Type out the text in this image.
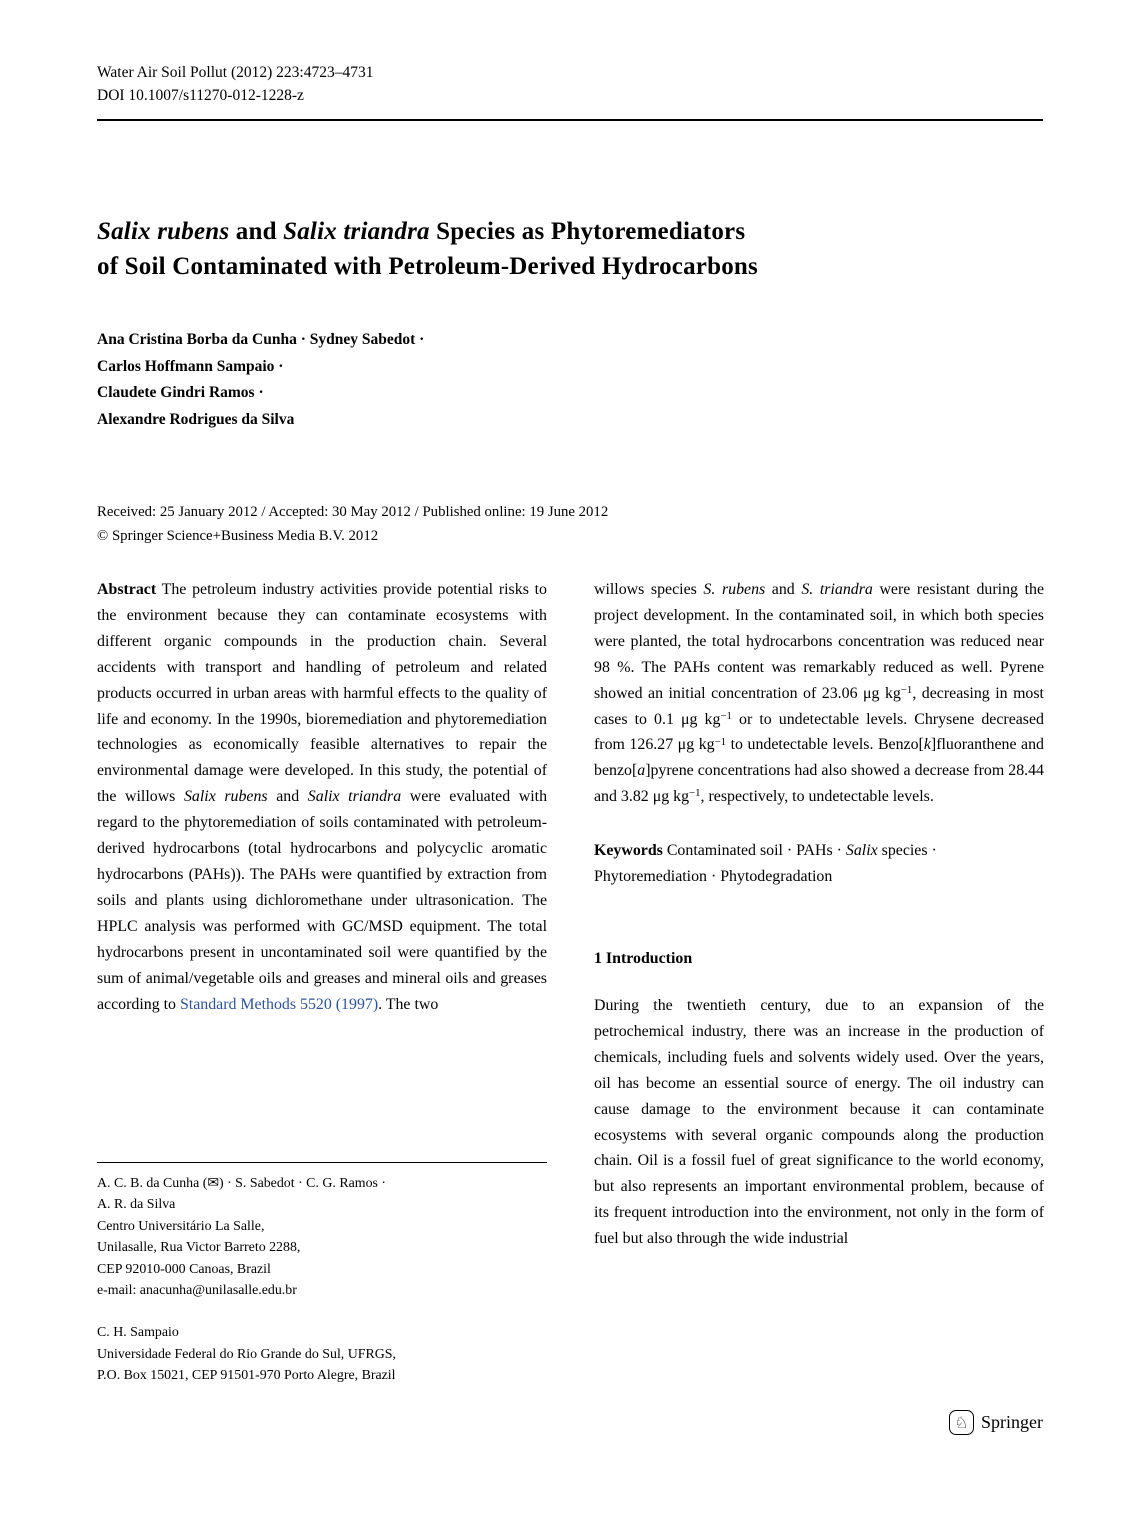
Water Air Soil Pollut (2012) 223:4723–4731
DOI 10.1007/s11270-012-1228-z
Salix rubens and Salix triandra Species as Phytoremediators
of Soil Contaminated with Petroleum-Derived Hydrocarbons
Ana Cristina Borba da Cunha · Sydney Sabedot ·
Carlos Hoffmann Sampaio ·
Claudete Gindri Ramos ·
Alexandre Rodrigues da Silva
Received: 25 January 2012 / Accepted: 30 May 2012 / Published online: 19 June 2012
© Springer Science+Business Media B.V. 2012

Abstract The petroleum industry activities provide potential risks to the environment because they can contaminate ecosystems with different organic compounds in the production chain. Several accidents with transport and handling of petroleum and related products occurred in urban areas with harmful effects to the quality of life and economy. In the 1990s, bioremediation and phytoremediation technologies as economically feasible alternatives to repair the environmental damage were developed. In this study, the potential of the willows Salix rubens and Salix triandra were evaluated with regard to the phytoremediation of soils contaminated with petroleum-derived hydrocarbons (total hydrocarbons and polycyclic aromatic hydrocarbons (PAHs)). The PAHs were quantified by extraction from soils and plants using dichloromethane under ultrasonication. The HPLC analysis was performed with GC/MSD equipment. The total hydrocarbons present in uncontaminated soil were quantified by the sum of animal/vegetable oils and greases and mineral oils and greases according to Standard Methods 5520 (1997). The two

willows species S. rubens and S. triandra were resistant during the project development. In the contaminated soil, in which both species were planted, the total hydrocarbons concentration was reduced near 98 %. The PAHs content was remarkably reduced as well. Pyrene showed an initial concentration of 23.06 μg $kg^{-1}$, decreasing in most cases to 0.1 μg $kg^{-1}$ or to undetectable levels. Chrysene decreased from 126.27 μg $kg^{-1}$ to undetectable levels. Benzo[k]fluoranthene and benzo[a]pyrene concentrations had also showed a decrease from 28.44 and 3.82 μg $kg^{-1}$, respectively, to undetectable levels.

Keywords Contaminated soil · PAHs · Salix species · Phytoremediation · Phytodegradation

1 Introduction

During the twentieth century, due to an expansion of the petrochemical industry, there was an increase in the production of chemicals, including fuels and solvents widely used. Over the years, oil has become an essential source of energy. The oil industry can cause damage to the environment because it can contaminate ecosystems with several organic compounds along the production chain. Oil is a fossil fuel of great significance to the world economy, but also represents an important environmental problem, because of its frequent introduction into the environment, not only in the form of fuel but also through the wide industrial

A. C. B. da Cunha (✉) · S. Sabedot · C. G. Ramos ·
A. R. da Silva
Centro Universitário La Salle,
Unilasalle, Rua Victor Barreto 2288,
CEP 92010-000 Canoas, Brazil
e-mail: anacunha@unilasalle.edu.br
C. H. Sampaio
Universidade Federal do Rio Grande do Sul, UFRGS,
P.O. Box 15021, CEP 91501-970 Porto Alegre, Brazil
♘ Springer
